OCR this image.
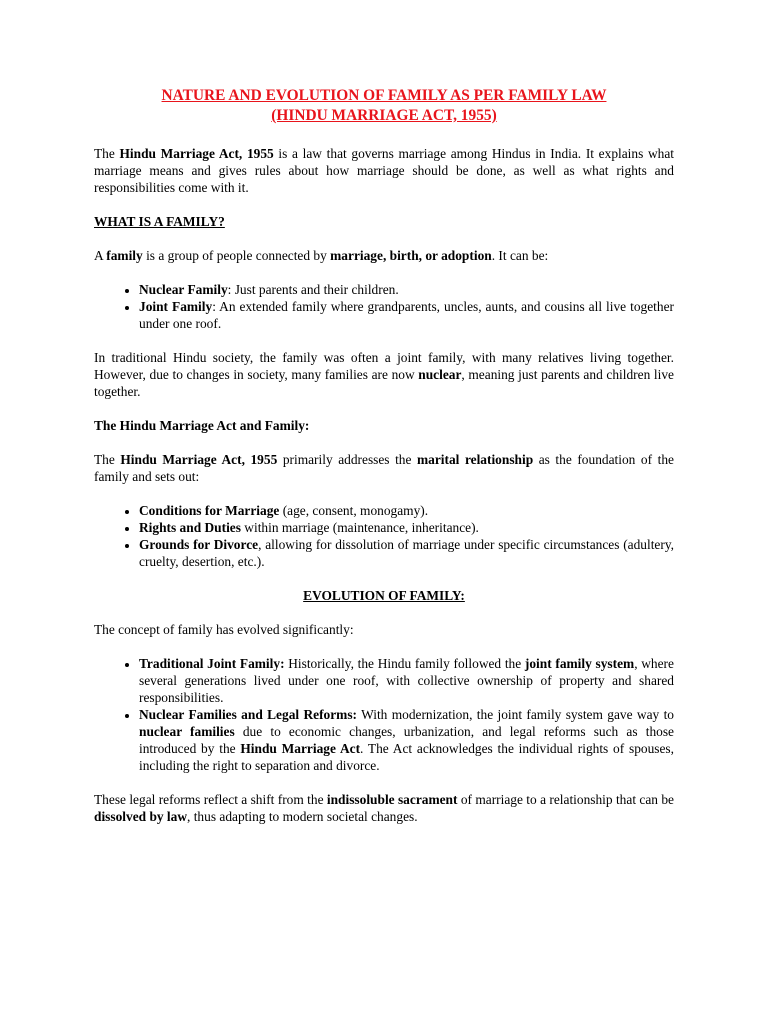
NATURE AND EVOLUTION OF FAMILY AS PER FAMILY LAW
(HINDU MARRIAGE ACT, 1955)

The Hindu Marriage Act, 1955 is a law that governs marriage among Hindus in India. It explains what marriage means and gives rules about how marriage should be done, as well as what rights and responsibilities come with it.

WHAT IS A FAMILY?

A family is a group of people connected by marriage, birth, or adoption. It can be:

• Nuclear Family: Just parents and their children.
• Joint Family: An extended family where grandparents, uncles, aunts, and cousins all live together under one roof.

In traditional Hindu society, the family was often a joint family, with many relatives living together. However, due to changes in society, many families are now nuclear, meaning just parents and children live together.

The Hindu Marriage Act and Family:

The Hindu Marriage Act, 1955 primarily addresses the marital relationship as the foundation of the family and sets out:

• Conditions for Marriage (age, consent, monogamy).
• Rights and Duties within marriage (maintenance, inheritance).
• Grounds for Divorce, allowing for dissolution of marriage under specific circumstances (adultery, cruelty, desertion, etc.).
EVOLUTION OF FAMILY:

The concept of family has evolved significantly:

• Traditional Joint Family: Historically, the Hindu family followed the joint family system, where several generations lived under one roof, with collective ownership of property and shared responsibilities.
• Nuclear Families and Legal Reforms: With modernization, the joint family system gave way to nuclear families due to economic changes, urbanization, and legal reforms such as those introduced by the Hindu Marriage Act. The Act acknowledges the individual rights of spouses, including the right to separation and divorce.

These legal reforms reflect a shift from the indissoluble sacrament of marriage to a relationship that can be dissolved by law, thus adapting to modern societal changes.
